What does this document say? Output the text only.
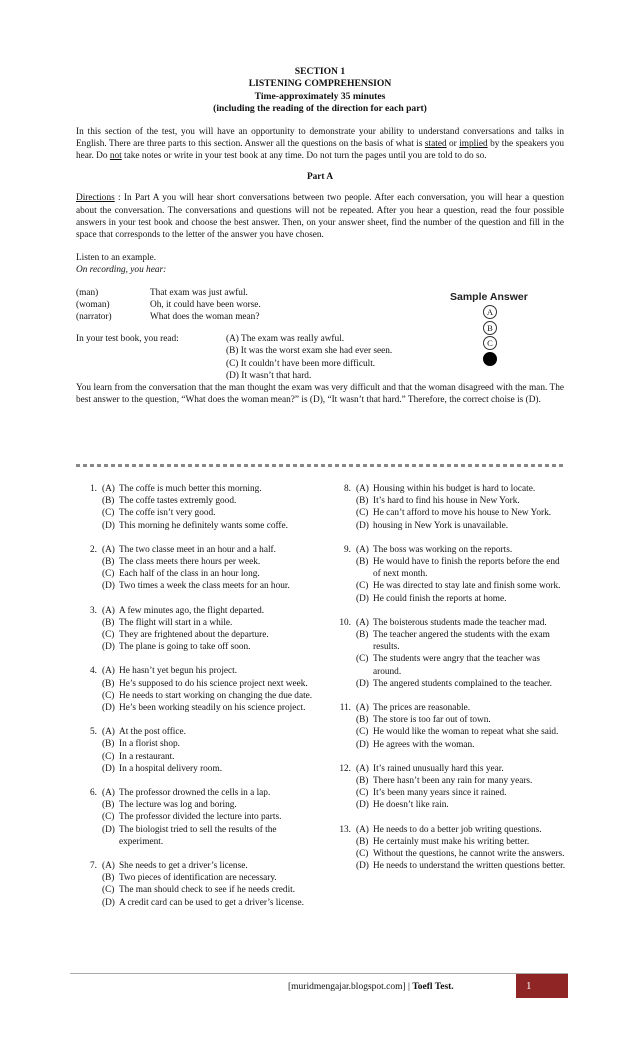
SECTION 1
LISTENING COMPREHENSION
Time-approximately 35 minutes
(including the reading of the direction for each part)

In this section of the test, you will have an opportunity to demonstrate your ability to understand conversations and talks in English. There are three parts to this section. Answer all the questions on the basis of what is stated or implied by the speakers you hear. Do not take notes or write in your test book at any time. Do not turn the pages until you are told to do so.

Part A

Directions : In Part A you will hear short conversations between two people. After each conversation, you will hear a question about the conversation. The conversations and questions will not be repeated. After you hear a question, read the four possible answers in your test book and choose the best answer. Then, on your answer sheet, find the number of the question and fill in the space that corresponds to the letter of the answer you have chosen.

Listen to an example.
On recording, you hear:
(man)	That exam was just awful.
(woman)	Oh, it could have been worse.
(narrator)	What does the woman mean?
In your test book, you read:	(A) The exam was really awful.
(B) It was the worst exam she had ever seen.
(C) It couldn’t have been more difficult.
(D) It wasn’t that hard.

You learn from the conversation that the man thought the exam was very difficult and that the woman disagreed with the man. The best answer to the question, “What does the woman mean?” is (D), “It wasn’t that hard.” Therefore, the correct choise is (D).

Sample Answer
A
B
C
1. (A) The coffe is much better this morning.
(B) The coffe tastes extremly good.
(C) The coffe isn’t very good.
(D) This morning he definitely wants some coffe.
2. (A) The two classe meet in an hour and a half.
(B) The class meets there hours per week.
(C) Each half of the class in an hour long.
(D) Two times a week the class meets for an hour.
3. (A) A few minutes ago, the flight departed.
(B) The flight will start in a while.
(C) They are frightened about the departure.
(D) The plane is going to take off soon.
4. (A) He hasn’t yet begun his project.
(B) He’s supposed to do his science project next week.
(C) He needs to start working on changing the due date.
(D) He’s been working steadily on his science project.
5. (A) At the post office.
(B) In a florist shop.
(C) In a restaurant.
(D) In a hospital delivery room.
6. (A) The professor drowned the cells in a lap.
(B) The lecture was log and boring.
(C) The professor divided the lecture into parts.
(D) The biologist tried to sell the results of the experiment.
7. (A) She needs to get a driver’s license.
(B) Two pieces of identification are necessary.
(C) The man should check to see if he needs credit.
(D) A credit card can be used to get a driver’s license.
8. (A) Housing within his budget is hard to locate.
(B) It’s hard to find his house in New York.
(C) He can’t afford to move his house to New York.
(D) housing in New York is unavailable.
9. (A) The boss was working on the reports.
(B) He would have to finish the reports before the end of next month.
(C) He was directed to stay late and finish some work.
(D) He could finish the reports at home.
10. (A) The boisterous students made the teacher mad.
(B) The teacher angered the students with the exam results.
(C) The students were angry that the teacher was around.
(D) The angered students complained to the teacher.
11. (A) The prices are reasonable.
(B) The store is too far out of town.
(C) He would like the woman to repeat what she said.
(D) He agrees with the woman.
12. (A) It’s rained unusually hard this year.
(B) There hasn’t been any rain for many years.
(C) It’s been many years since it rained.
(D) He doesn’t like rain.
13. (A) He needs to do a better job writing questions.
(B) He certainly must make his writing better.
(C) Without the questions, he cannot write the answers.
(D) He needs to understand the written questions better.
[muridmengajar.blogspot.com] | Toefl Test.	1
